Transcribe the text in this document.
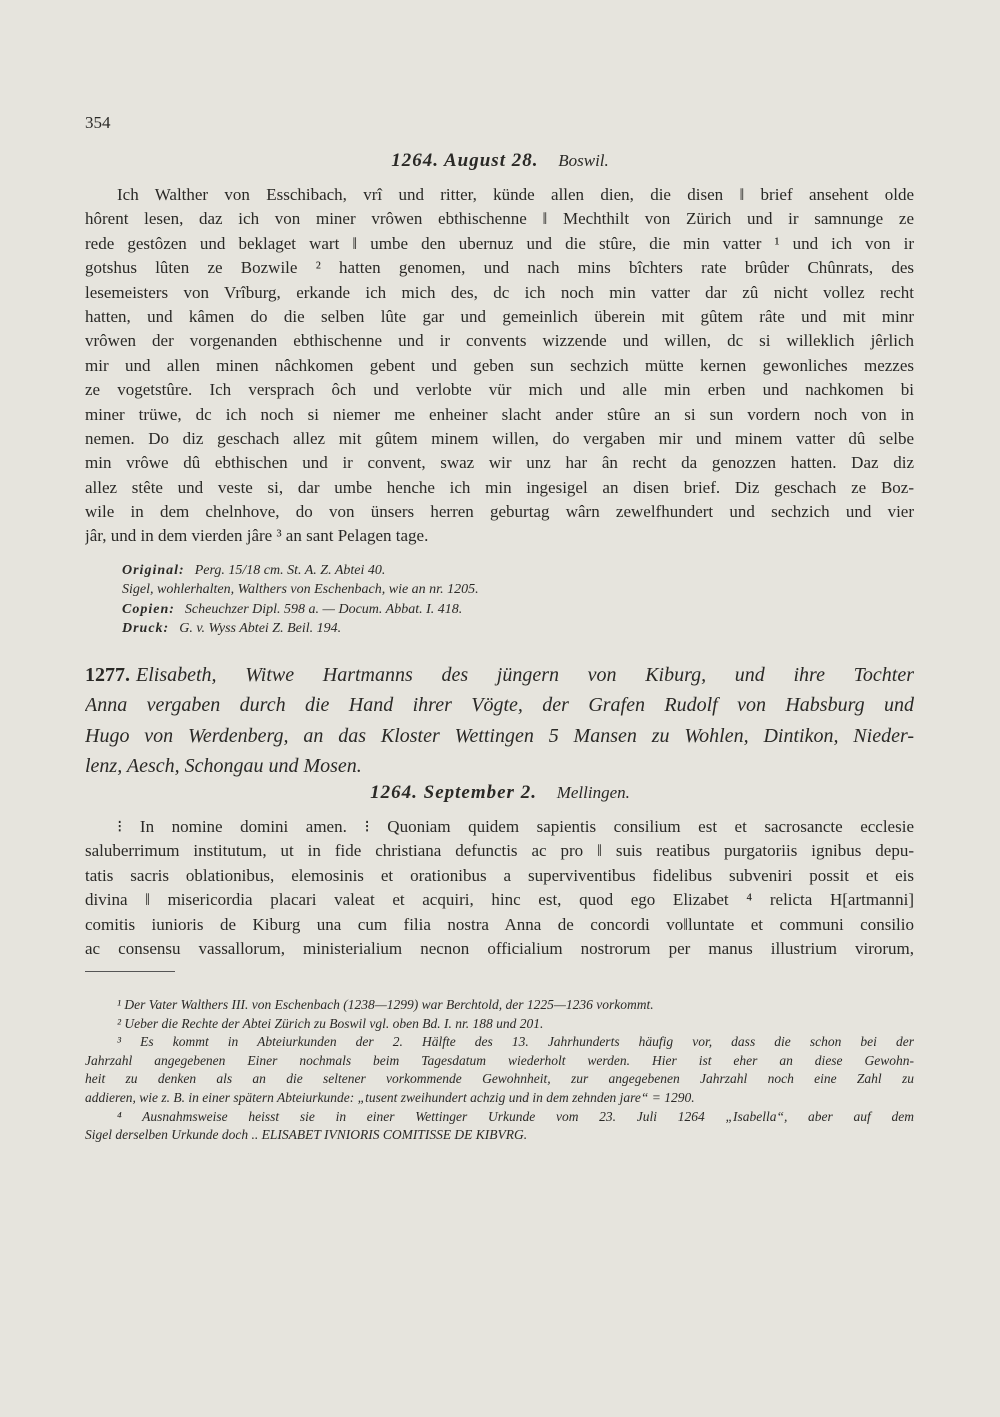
354
1264. August 28. Boswil.
Ich Walther von Esschibach, vrî und ritter, künde allen dien, die disen ‖ brief ansehent olde
hôrent lesen, daz ich von miner vrôwen ebthischenne ‖ Mechthilt von Zürich und ir samnunge ze
rede gestôzen und beklaget wart ‖ umbe den ubernuz und die stûre, die min vatter ¹ und ich von ir
gotshus lûten ze Bozwile ² hatten genomen, und nach mins bîchters rate brûder Chûnrats, des
lesemeisters von Vrîburg, erkande ich mich des, dc ich noch min vatter dar zû nicht vollez recht
hatten, und kâmen do die selben lûte gar und gemeinlich überein mit gûtem râte und mit minr
vrôwen der vorgenanden ebthischenne und ir convents wizzende und willen, dc si willeklich jêrlich
mir und allen minen nâchkomen gebent und geben sun sechzich mütte kernen gewonliches mezzes
ze vogetstûre. Ich versprach ôch und verlobte vür mich und alle min erben und nachkomen bi
miner trüwe, dc ich noch si niemer me enheiner slacht ander stûre an si sun vordern noch von in
nemen. Do diz geschach allez mit gûtem minem willen, do vergaben mir und minem vatter dû selbe
min vrôwe dû ebthischen und ir convent, swaz wir unz har ân recht da genozzen hatten. Daz diz
allez stête und veste si, dar umbe henche ich min ingesigel an disen brief. Diz geschach ze Boz-
wile in dem chelnhove, do von ünsers herren geburtag wârn zewelfhundert und sechzich und vier
jâr, und in dem vierden jâre ³ an sant Pelagen tage.
Original: Perg. 15/18 cm. St. A. Z. Abtei 40.
Sigel, wohlerhalten, Walthers von Eschenbach, wie an nr. 1205.
Copien: Scheuchzer Dipl. 598 a. — Docum. Abbat. I. 418.
Druck: G. v. Wyss Abtei Z. Beil. 194.
1277. Elisabeth, Witwe Hartmanns des jüngern von Kiburg, und ihre Tochter
Anna vergaben durch die Hand ihrer Vögte, der Grafen Rudolf von Habsburg und
Hugo von Werdenberg, an das Kloster Wettingen 5 Mansen zu Wohlen, Dintikon, Nieder-
lenz, Aesch, Schongau und Mosen.
1264. September 2. Mellingen.
⁝ In nomine domini amen. ⁝ Quoniam quidem sapientis consilium est et sacrosancte ecclesie
saluberrimum institutum, ut in fide christiana defunctis ac pro ‖ suis reatibus purgatoriis ignibus depu-
tatis sacris oblationibus, elemosinis et orationibus a superviventibus fidelibus subveniri possit et eis
divina ‖ misericordia placari valeat et acquiri, hinc est, quod ego Elizabet ⁴ relicta H[artmanni]
comitis iunioris de Kiburg una cum filia nostra Anna de concordi vo‖luntate et communi consilio
ac consensu vassallorum, ministerialium necnon officialium nostrorum per manus illustrium virorum,
¹ Der Vater Walthers III. von Eschenbach (1238—1299) war Berchtold, der 1225—1236 vorkommt.
² Ueber die Rechte der Abtei Zürich zu Boswil vgl. oben Bd. I. nr. 188 und 201.
³ Es kommt in Abteiurkunden der 2. Hälfte des 13. Jahrhunderts häufig vor, dass die schon bei der
Jahrzahl angegebenen Einer nochmals beim Tagesdatum wiederholt werden. Hier ist eher an diese Gewohn-
heit zu denken als an die seltener vorkommende Gewohnheit, zur angegebenen Jahrzahl noch eine Zahl zu
addieren, wie z. B. in einer spätern Abteiurkunde: „tusent zweihundert achzig und in dem zehnden jare“ = 1290.
⁴ Ausnahmsweise heisst sie in einer Wettinger Urkunde vom 23. Juli 1264 „Isabella“, aber auf dem
Sigel derselben Urkunde doch .. ELISABET IVNIORIS COMITISSE DE KIBVRG.
